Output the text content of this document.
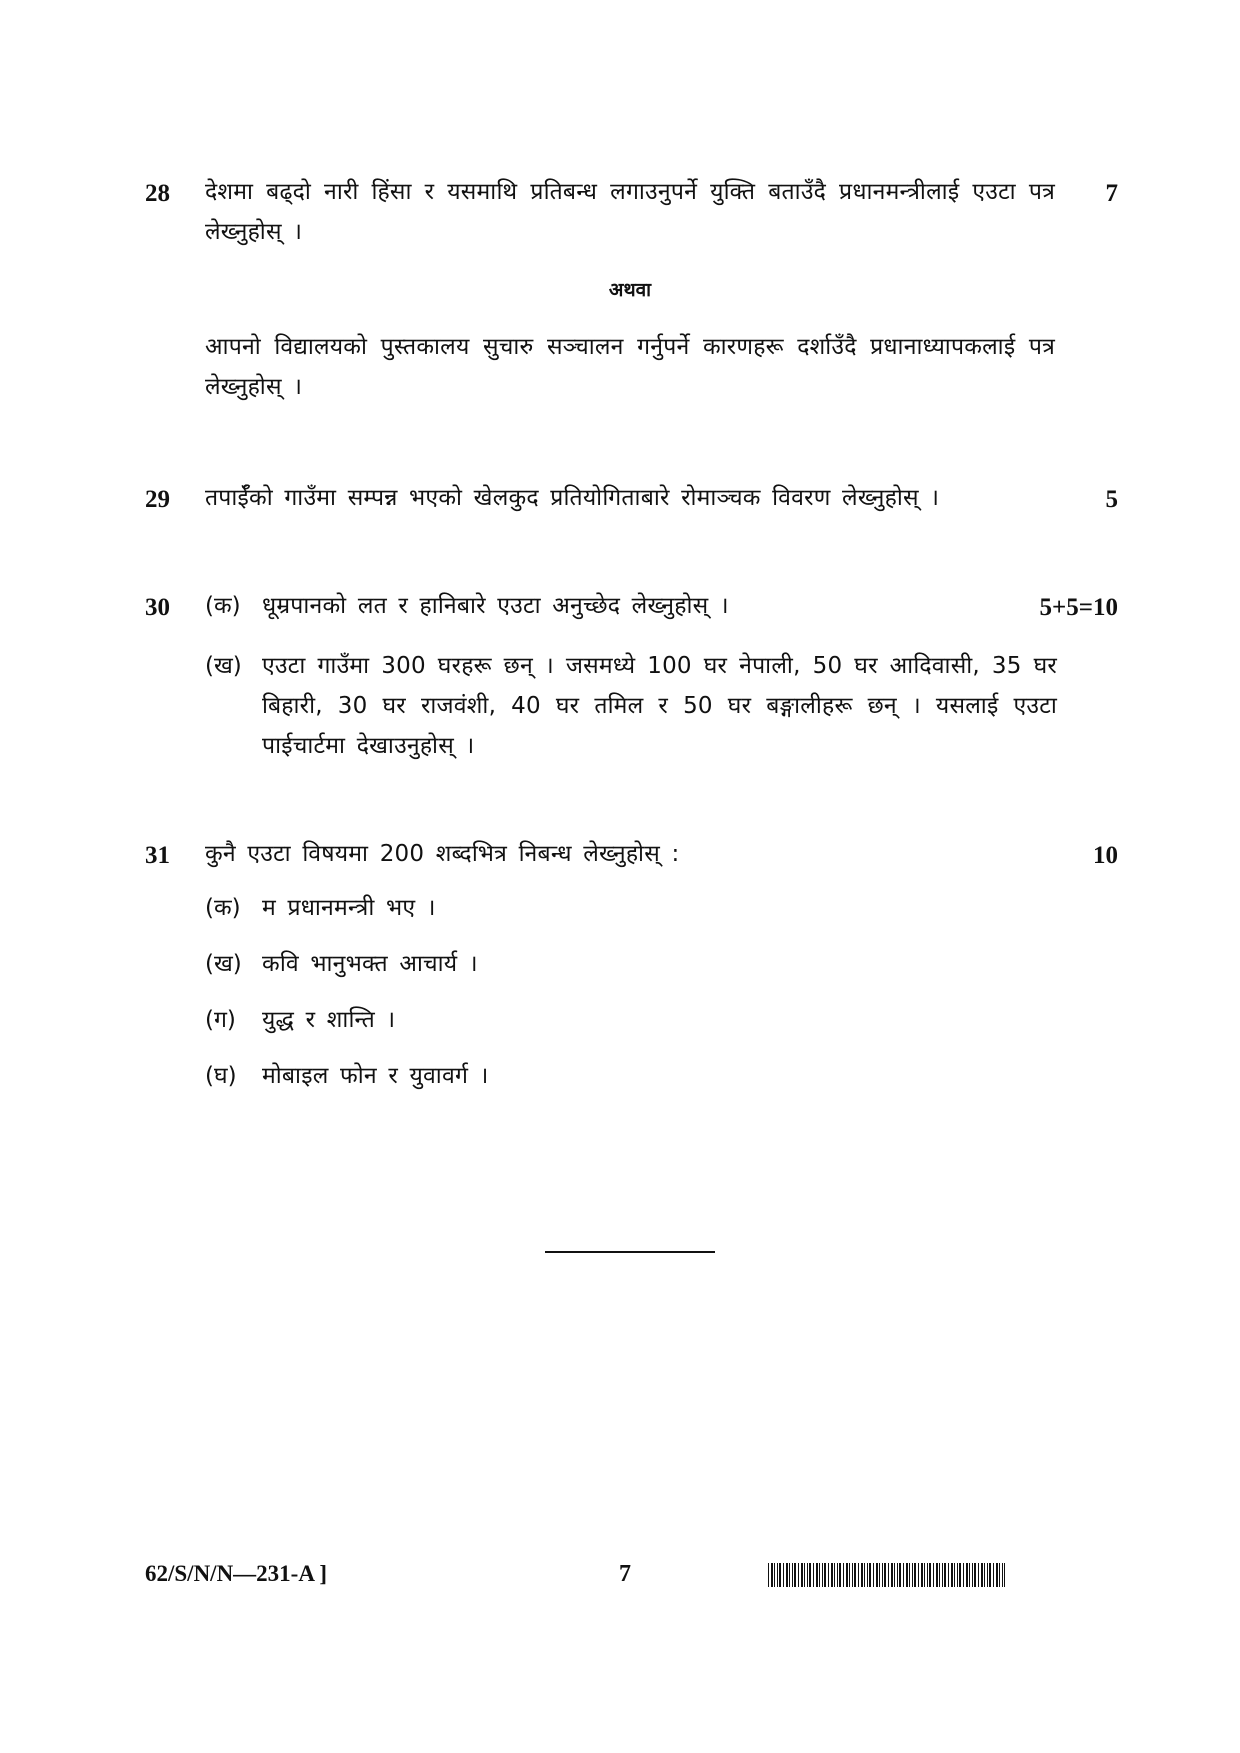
28 देशमा बढ्दो नारी हिंसा र यसमाथि प्रतिबन्ध लगाउनुपर्ने युक्ति बताउँदै प्रधानमन्त्रीलाई एउटा पत्र लेख्नुहोस् ।
7
अथवा
आपनो विद्यालयको पुस्तकालय सुचारु सञ्चालन गर्नुपर्ने कारणहरू दर्शाउँदै प्रधानाध्यापकलाई पत्र लेख्नुहोस् ।
29 तपाईँको गाउँमा सम्पन्न भएको खेलकुद प्रतियोगिताबारे रोमाञ्चक विवरण लेख्नुहोस् ।	5
30 (क) धूम्रपानको लत र हानिबारे एउटा अनुच्छेद लेख्नुहोस् ।	5+5=10
(ख) एउटा गाउँमा 300 घरहरू छन् । जसमध्ये 100 घर नेपाली, 50 घर आदिवासी, 35 घर बिहारी, 30 घर राजवंशी, 40 घर तमिल र 50 घर बङ्गालीहरू छन् । यसलाई एउटा पाईचार्टमा देखाउनुहोस् ।
31 कुनै एउटा विषयमा 200 शब्दभित्र निबन्ध लेख्नुहोस् :	10
(क) म प्रधानमन्त्री भए ।
(ख) कवि भानुभक्त आचार्य ।
(ग) युद्ध र शान्ति ।
(घ) मोबाइल फोन र युवावर्ग ।
62/S/N/N—231-A ]	7
